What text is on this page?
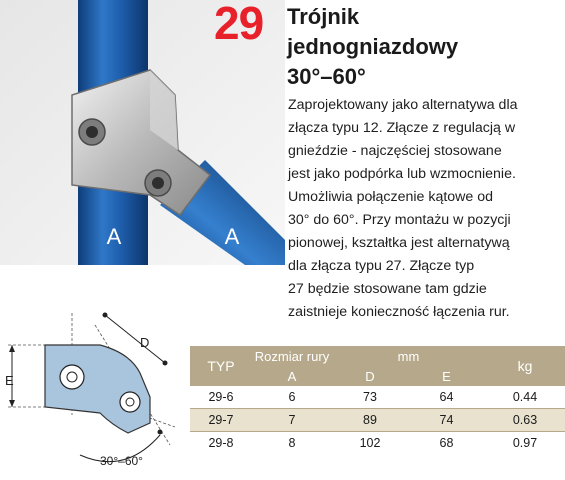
A	A
29 Trójnik
jednogniazdowy
30°–60°
Zaprojektowany jako alternatywa dla
złącza typu 12. Złącze z regulacją w
gnieździe - najczęściej stosowane
jest jako podpórka lub wzmocnienie.
Umożliwia połączenie kątowe od
30° do 60°. Przy montażu w pozycji
pionowej, kształtka jest alternatywą
dla złącza typu 27. Złącze typ
27 będzie stosowane tam gdzie
zaistnieje konieczność łączenia rur.
E
D
30°–60°
TYP	Rozmiar rury	mm		kg
	A	D	E	
29-6	6	73	64	0.44
29-7	7	89	74	0.63
29-8	8	102	68	0.97
